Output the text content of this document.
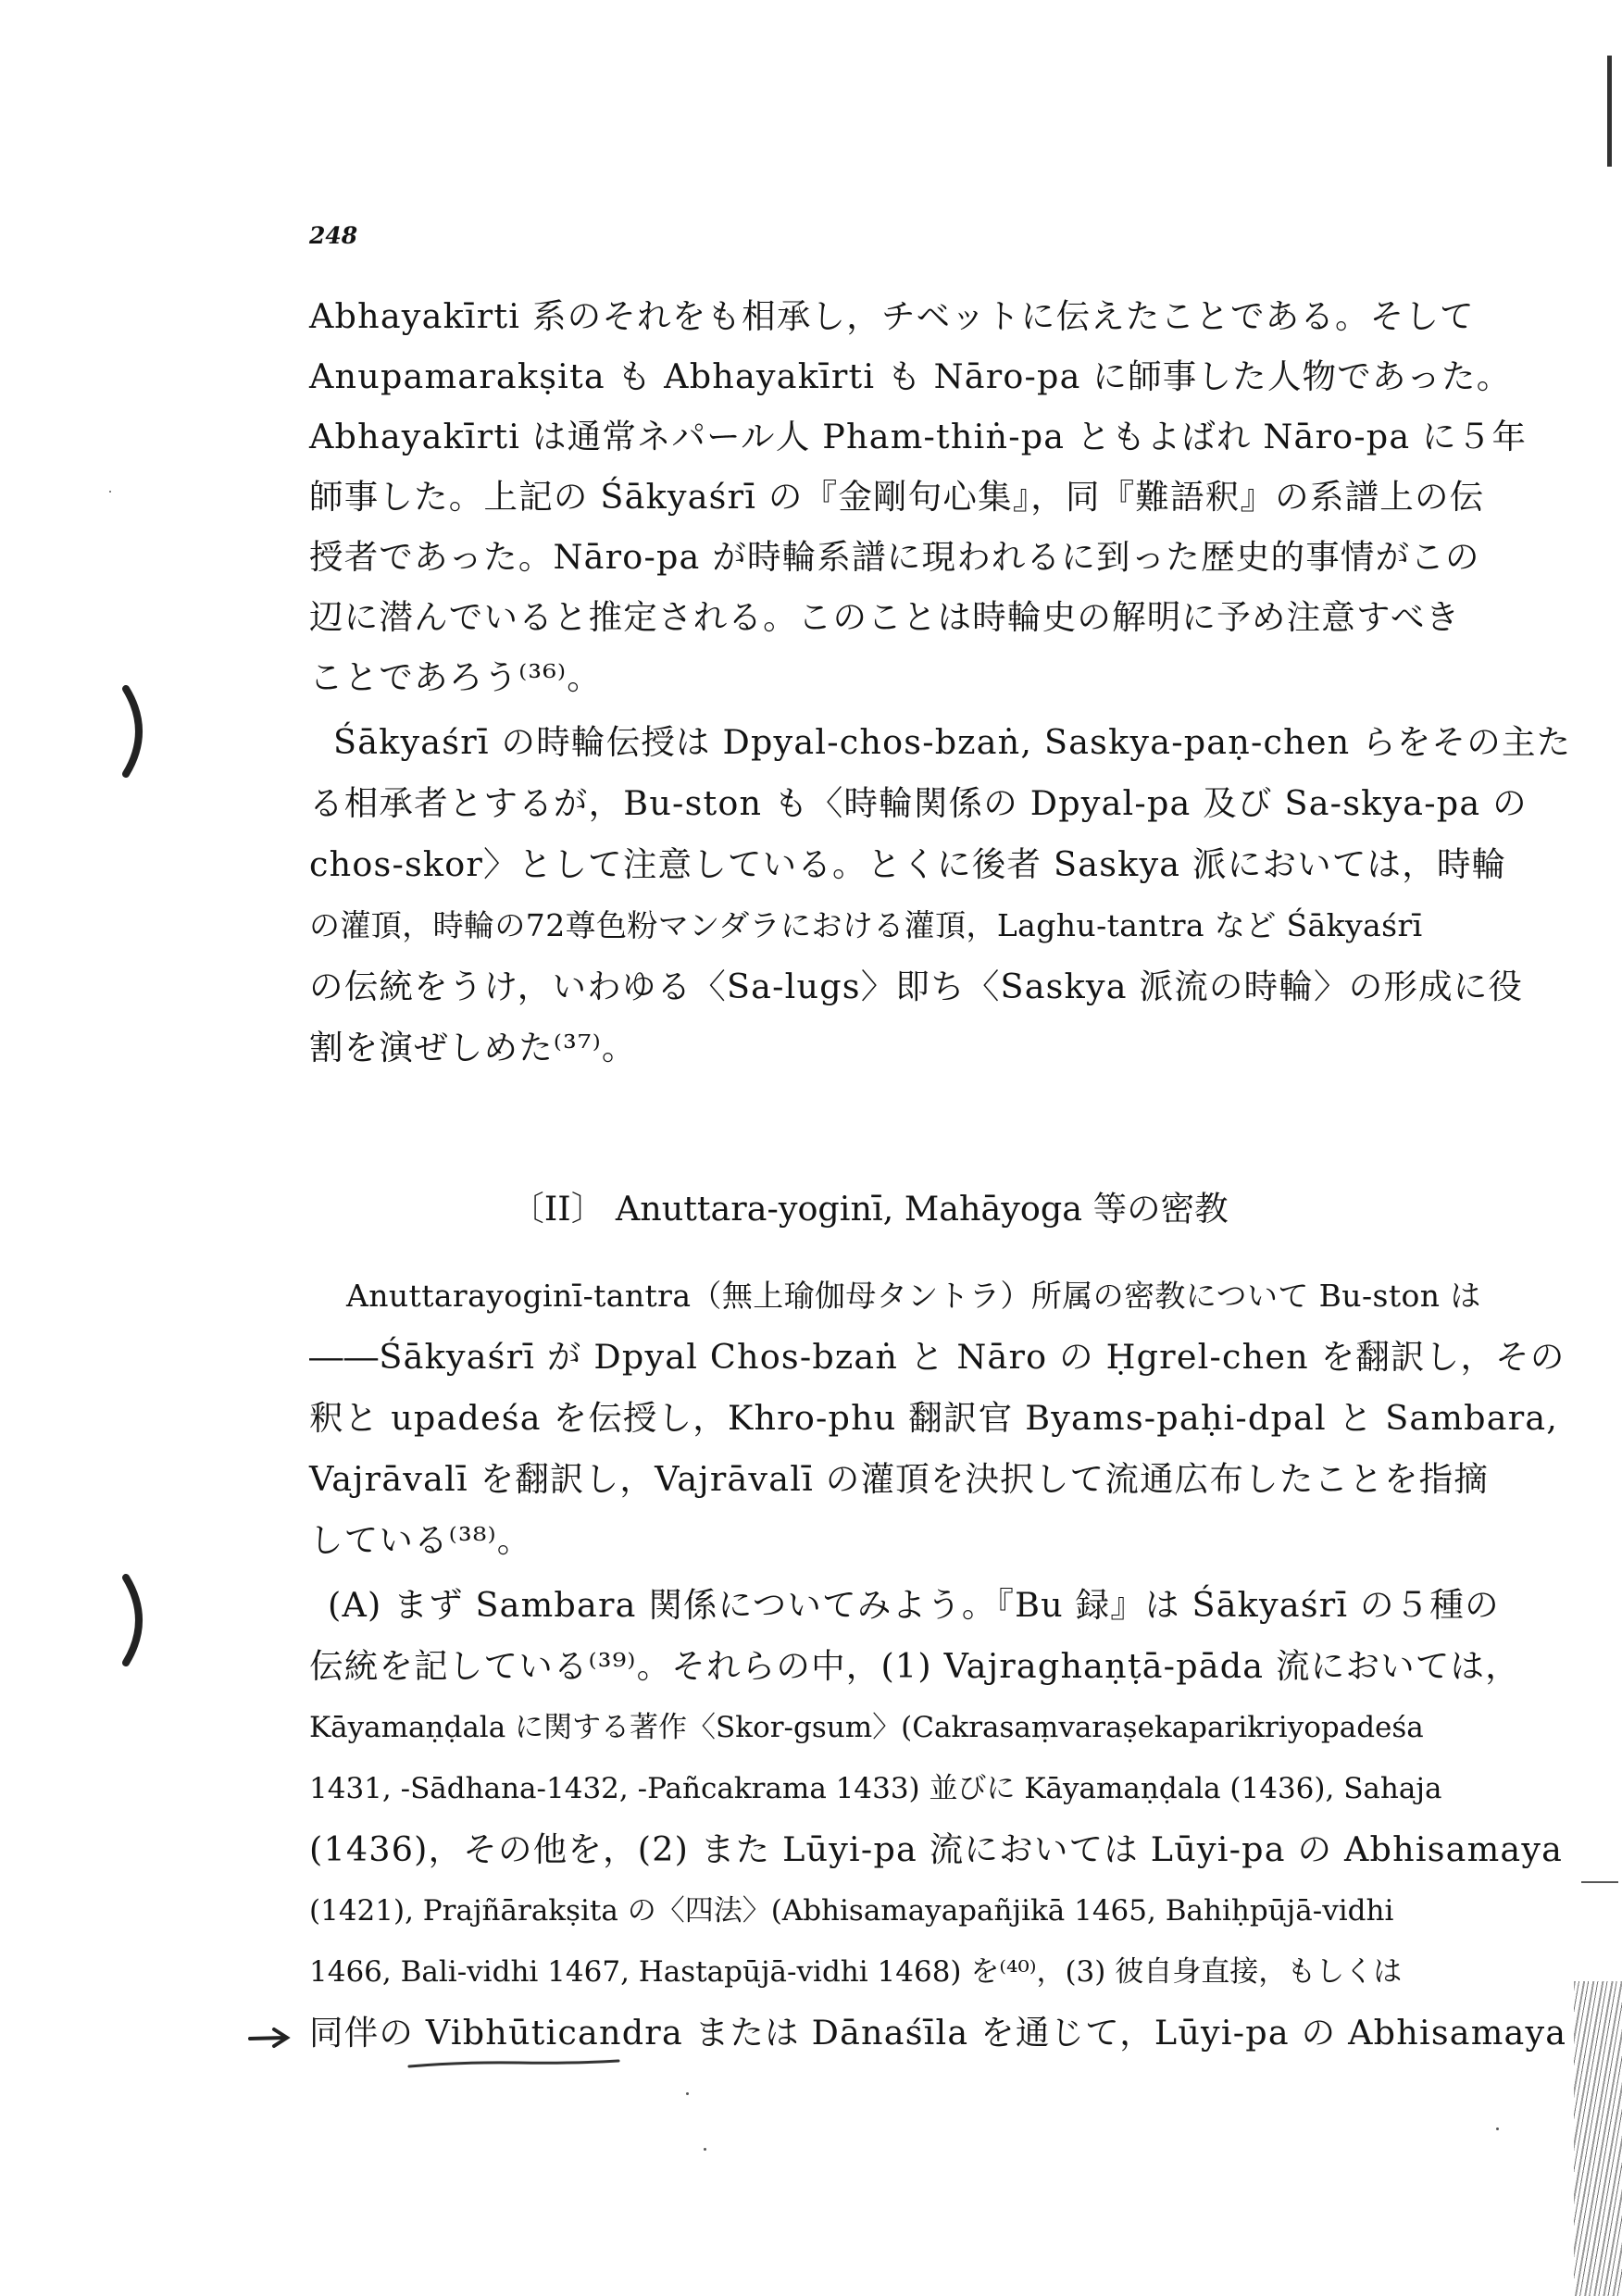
248
Abhayakīrti 系のそれをも相承し，チベットに伝えたことである。そして
Anupamarakṣita も Abhayakīrti も Nāro-pa に師事した人物であった。
Abhayakīrti は通常ネパール人 Pham-thiṅ-pa ともよばれ Nāro-pa に５年
師事した。上記の Śākyaśrī の『金剛句心集』，同『難語釈』の系譜上の伝
授者であった。Nāro-pa が時輪系譜に現われるに到った歴史的事情がこの
辺に潜んでいると推定される。このことは時輪史の解明に予め注意すべき
ことであろう⁽³⁶⁾。
Śākyaśrī の時輪伝授は Dpyal-chos-bzaṅ, Saskya-paṇ-chen らをその主た
る相承者とするが，Bu-ston も〈時輪関係の Dpyal-pa 及び Sa-skya-pa の
chos-skor〉として注意している。とくに後者 Saskya 派においては，時輪
の灌頂，時輪の72尊色粉マンダラにおける灌頂，Laghu-tantra など Śākyaśrī
の伝統をうけ，いわゆる〈Sa-lugs〉即ち〈Saskya 派流の時輪〉の形成に役
割を演ぜしめた⁽³⁷⁾。
〔II〕 Anuttara-yoginī, Mahāyoga 等の密教
Anuttarayoginī-tantra（無上瑜伽母タントラ）所属の密教について Bu-ston は
――Śākyaśrī が Dpyal Chos-bzaṅ と Nāro の Ḥgrel-chen を翻訳し，その
釈と upadeśa を伝授し，Khro-phu 翻訳官 Byams-paḥi-dpal と Sambara,
Vajrāvalī を翻訳し，Vajrāvalī の灌頂を決択して流通広布したことを指摘
している⁽³⁸⁾。
(A) まず Sambara 関係についてみよう。『Bu 録』は Śākyaśrī の５種の
伝統を記している⁽³⁹⁾。それらの中，(1) Vajraghaṇṭā-pāda 流においては，
Kāyamaṇḍala に関する著作〈Skor-gsum〉(Cakrasaṃvaraṣekaparikriyopadeśa
1431, -Sādhana-1432, -Pañcakrama 1433) 並びに Kāyamaṇḍala (1436), Sahaja
(1436)，その他を，(2) また Lūyi-pa 流においては Lūyi-pa の Abhisamaya
(1421), Prajñārakṣita の〈四法〉(Abhisamayapañjikā 1465, Bahiḥpūjā-vidhi
1466, Bali-vidhi 1467, Hastapūjā-vidhi 1468) を⁽⁴⁰⁾，(3) 彼自身直接，もしくは
同伴の Vibhūticandra または Dānaśīla を通じて，Lūyi-pa の Abhisamaya
